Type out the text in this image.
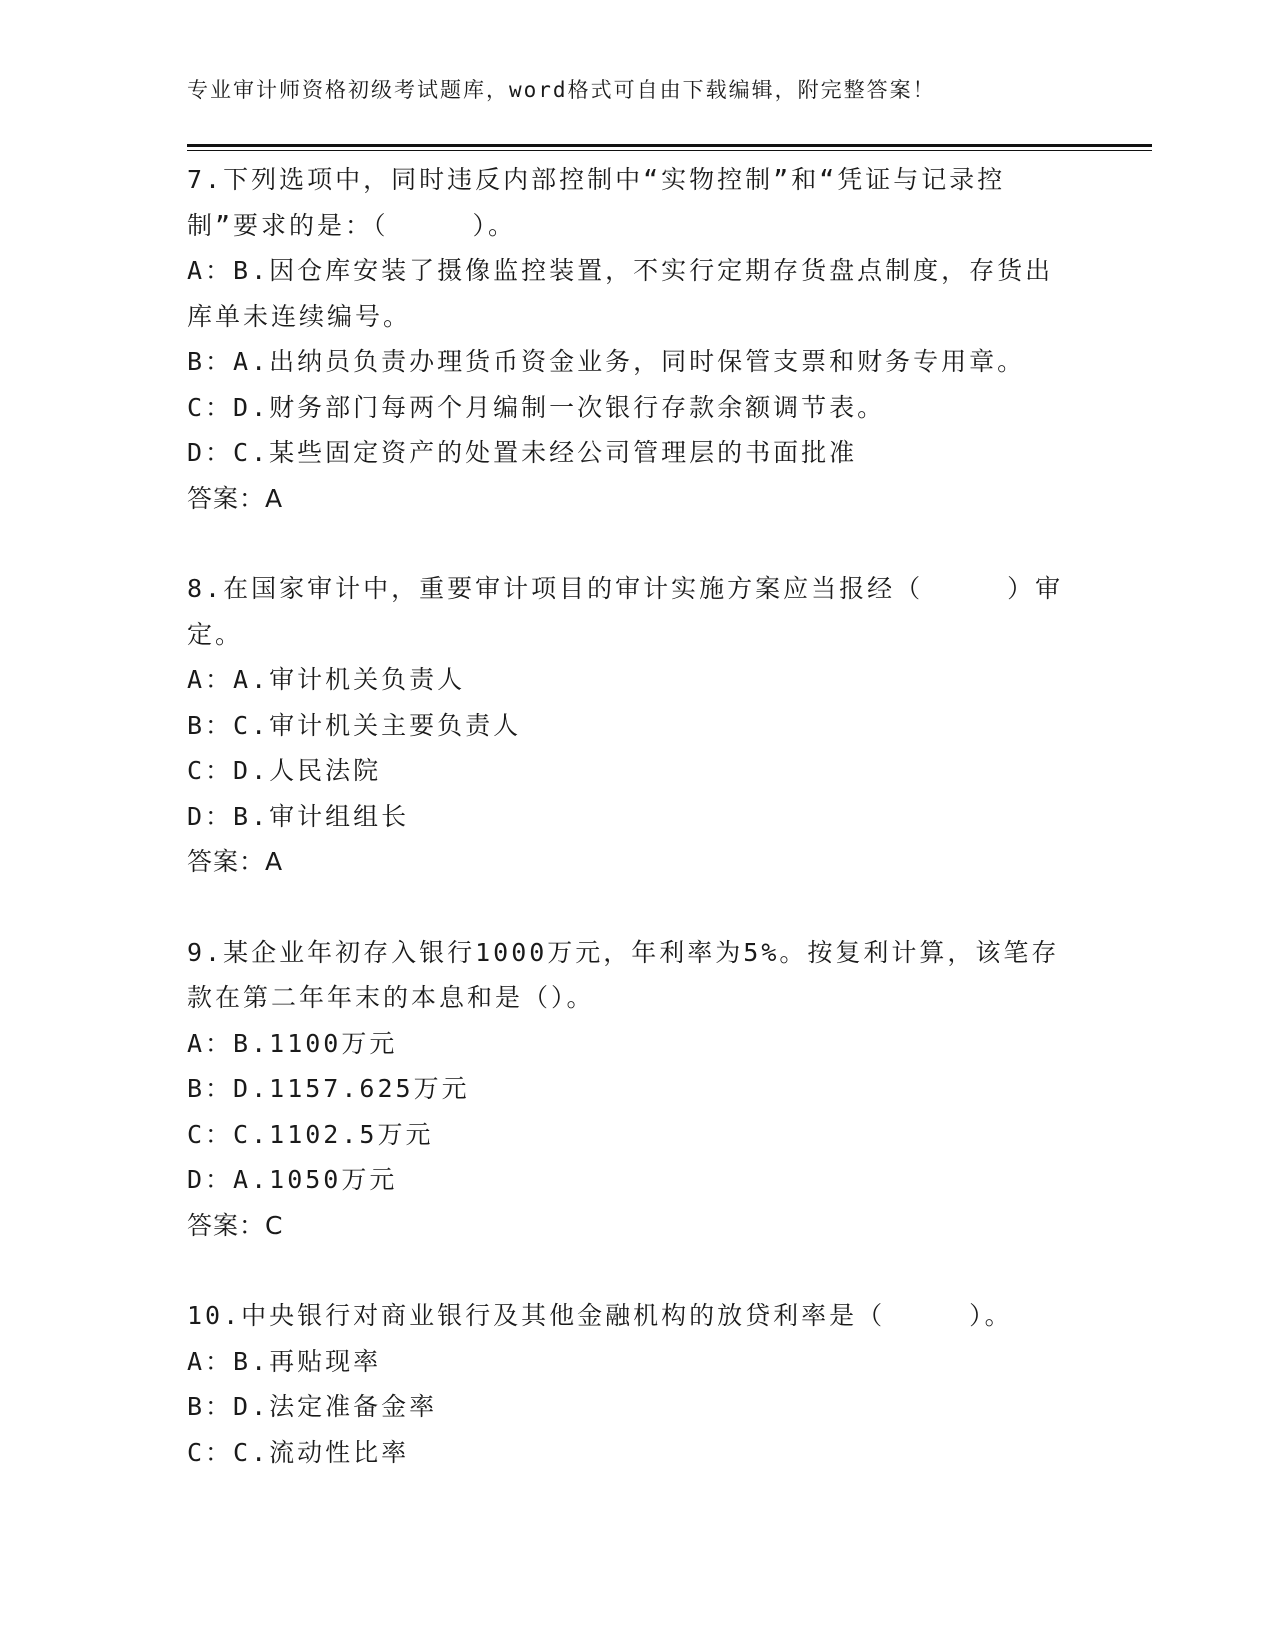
专业审计师资格初级考试题库，word格式可自由下载编辑，附完整答案！
7.下列选项中，同时违反内部控制中“实物控制”和“凭证与记录控制”要求的是：（　　　）。
A：B.因仓库安装了摄像监控装置，不实行定期存货盘点制度，存货出库单未连续编号。
B：A.出纳员负责办理货币资金业务，同时保管支票和财务专用章。
C：D.财务部门每两个月编制一次银行存款余额调节表。
D：C.某些固定资产的处置未经公司管理层的书面批准
答案：A
8.在国家审计中，重要审计项目的审计实施方案应当报经（　　　）审定。
A：A.审计机关负责人
B：C.审计机关主要负责人
C：D.人民法院
D：B.审计组组长
答案：A
9.某企业年初存入银行1000万元，年利率为5%。按复利计算，该笔存款在第二年年末的本息和是（）。
A：B.1100万元
B：D.1157.625万元
C：C.1102.5万元
D：A.1050万元
答案：C
10.中央银行对商业银行及其他金融机构的放贷利率是（　　　）。
A：B.再贴现率
B：D.法定准备金率
C：C.流动性比率
